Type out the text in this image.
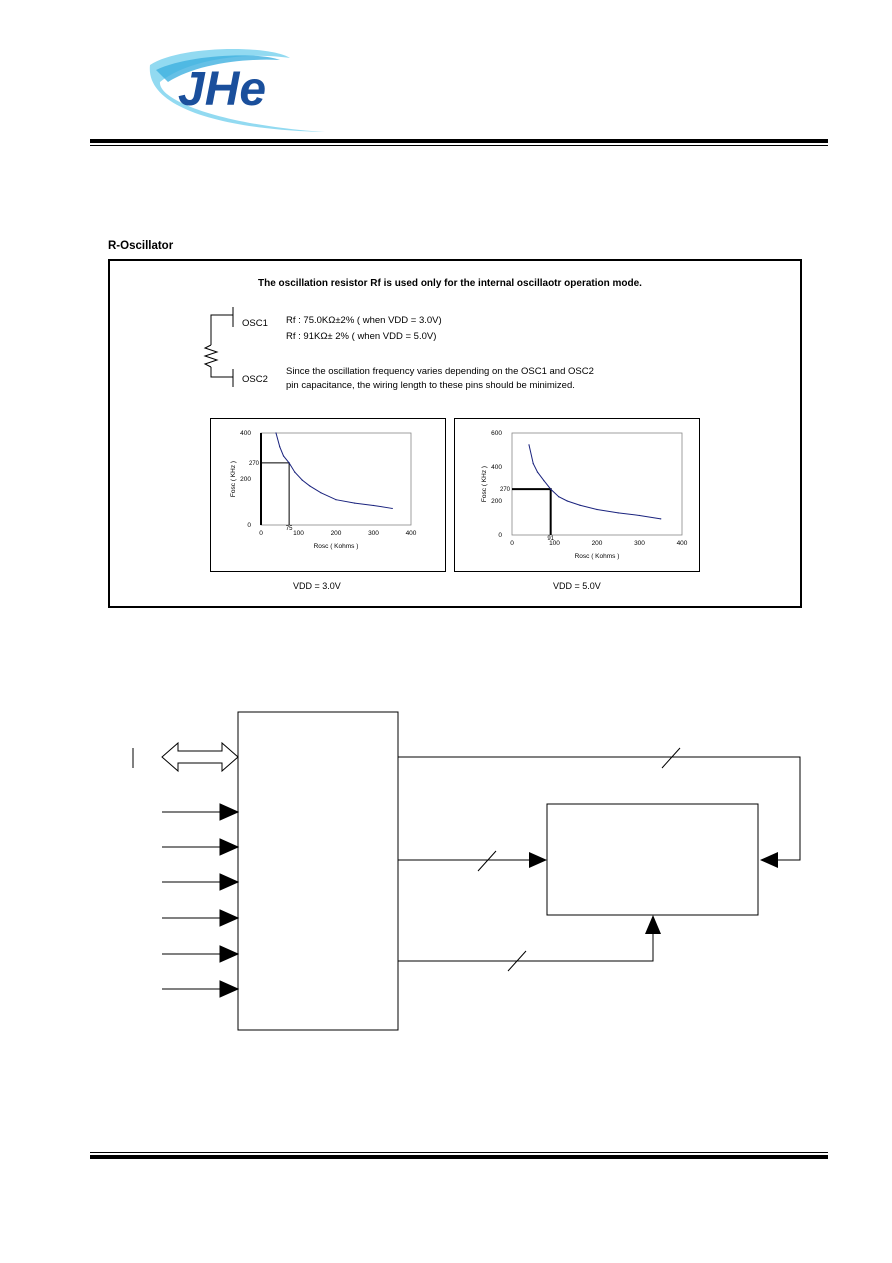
JHe
R-Oscillator
The oscillation resistor Rf is used only for the internal oscillaotr operation mode.
OSC1
OSC2
Rf : 75.0KΩ±2% ( when VDD = 3.0V)
Rf : 91KΩ± 2% ( when VDD = 5.0V)
Since the oscillation frequency varies depending on the OSC1 and OSC2
pin capacitance, the wiring length to these pins should be minimized.
0	100	200	300	400
0
200
400
Rosc ( Kohms )
Fosc ( KHz )
75
270
0	100	200	300	400
0
200
400
600
Rosc ( Kohms )
Fosc ( KHz )
91
270
VDD = 3.0V	VDD = 5.0V
